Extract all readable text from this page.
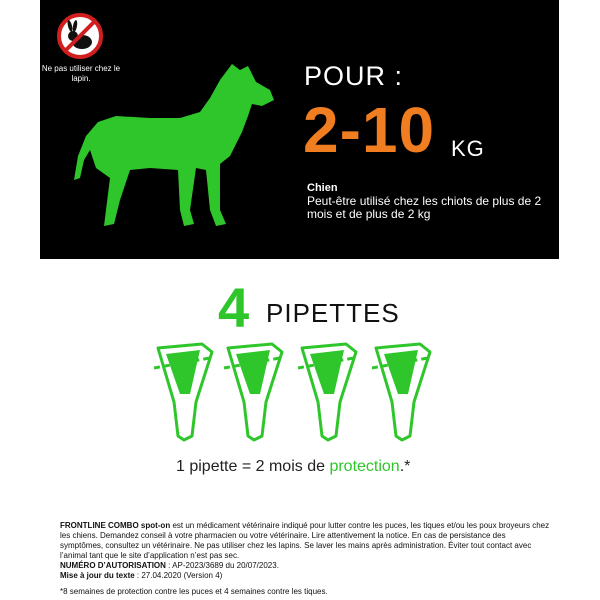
Ne pas utiliser chez le lapin.	POUR :
2-10 KG
Chien
Peut-être utilisé chez les chiots de plus de 2 mois et de plus de 2 kg
4 PIPETTES
1 pipette = 2 mois de protection.*

FRONTLINE COMBO spot-on est un médicament vétérinaire indiqué pour lutter contre les puces, les tiques et/ou les poux broyeurs chez les chiens. Demandez conseil à votre pharmacien ou votre vétérinaire. Lire attentivement la notice. En cas de persistance des symptômes, consultez un vétérinaire. Ne pas utiliser chez les lapins. Se laver les mains après administration. Éviter tout contact avec l’animal tant que le site d’application n’est pas sec.

NUMÉRO D’AUTORISATION : AP-2023/3689 du 20/07/2023.

Mise à jour du texte : 27.04.2020 (Version 4)

*8 semaines de protection contre les puces et 4 semaines contre les tiques.
